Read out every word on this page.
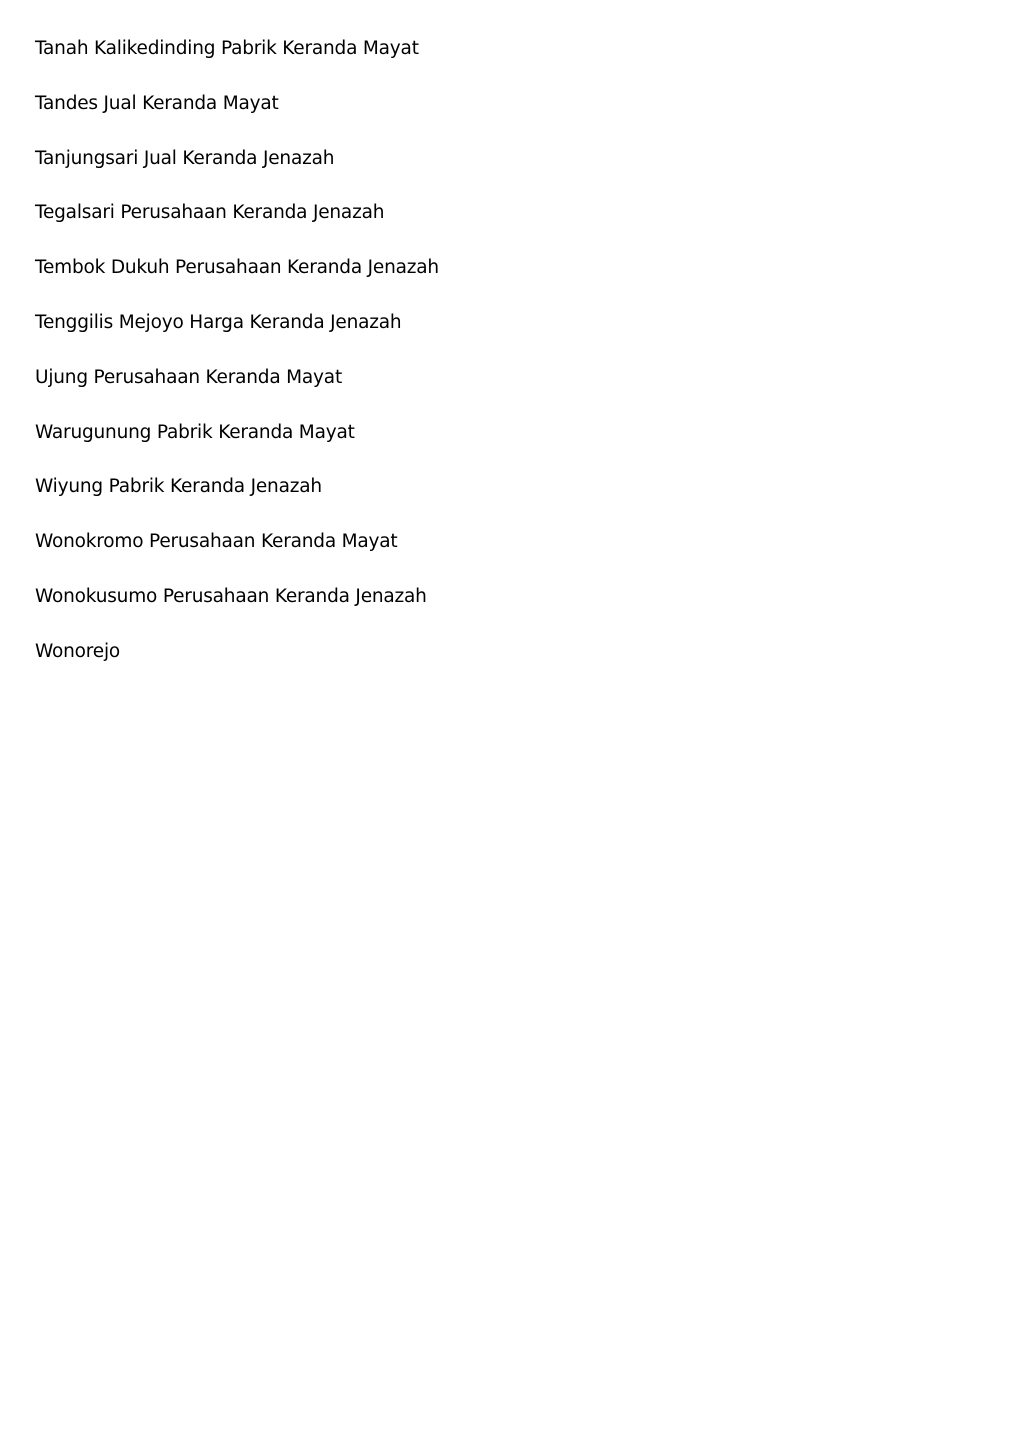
Tanah Kalikedinding Pabrik Keranda Mayat
Tandes Jual Keranda Mayat
Tanjungsari Jual Keranda Jenazah
Tegalsari Perusahaan Keranda Jenazah
Tembok Dukuh Perusahaan Keranda Jenazah
Tenggilis Mejoyo Harga Keranda Jenazah
Ujung Perusahaan Keranda Mayat
Warugunung Pabrik Keranda Mayat
Wiyung Pabrik Keranda Jenazah
Wonokromo Perusahaan Keranda Mayat
Wonokusumo Perusahaan Keranda Jenazah
Wonorejo
